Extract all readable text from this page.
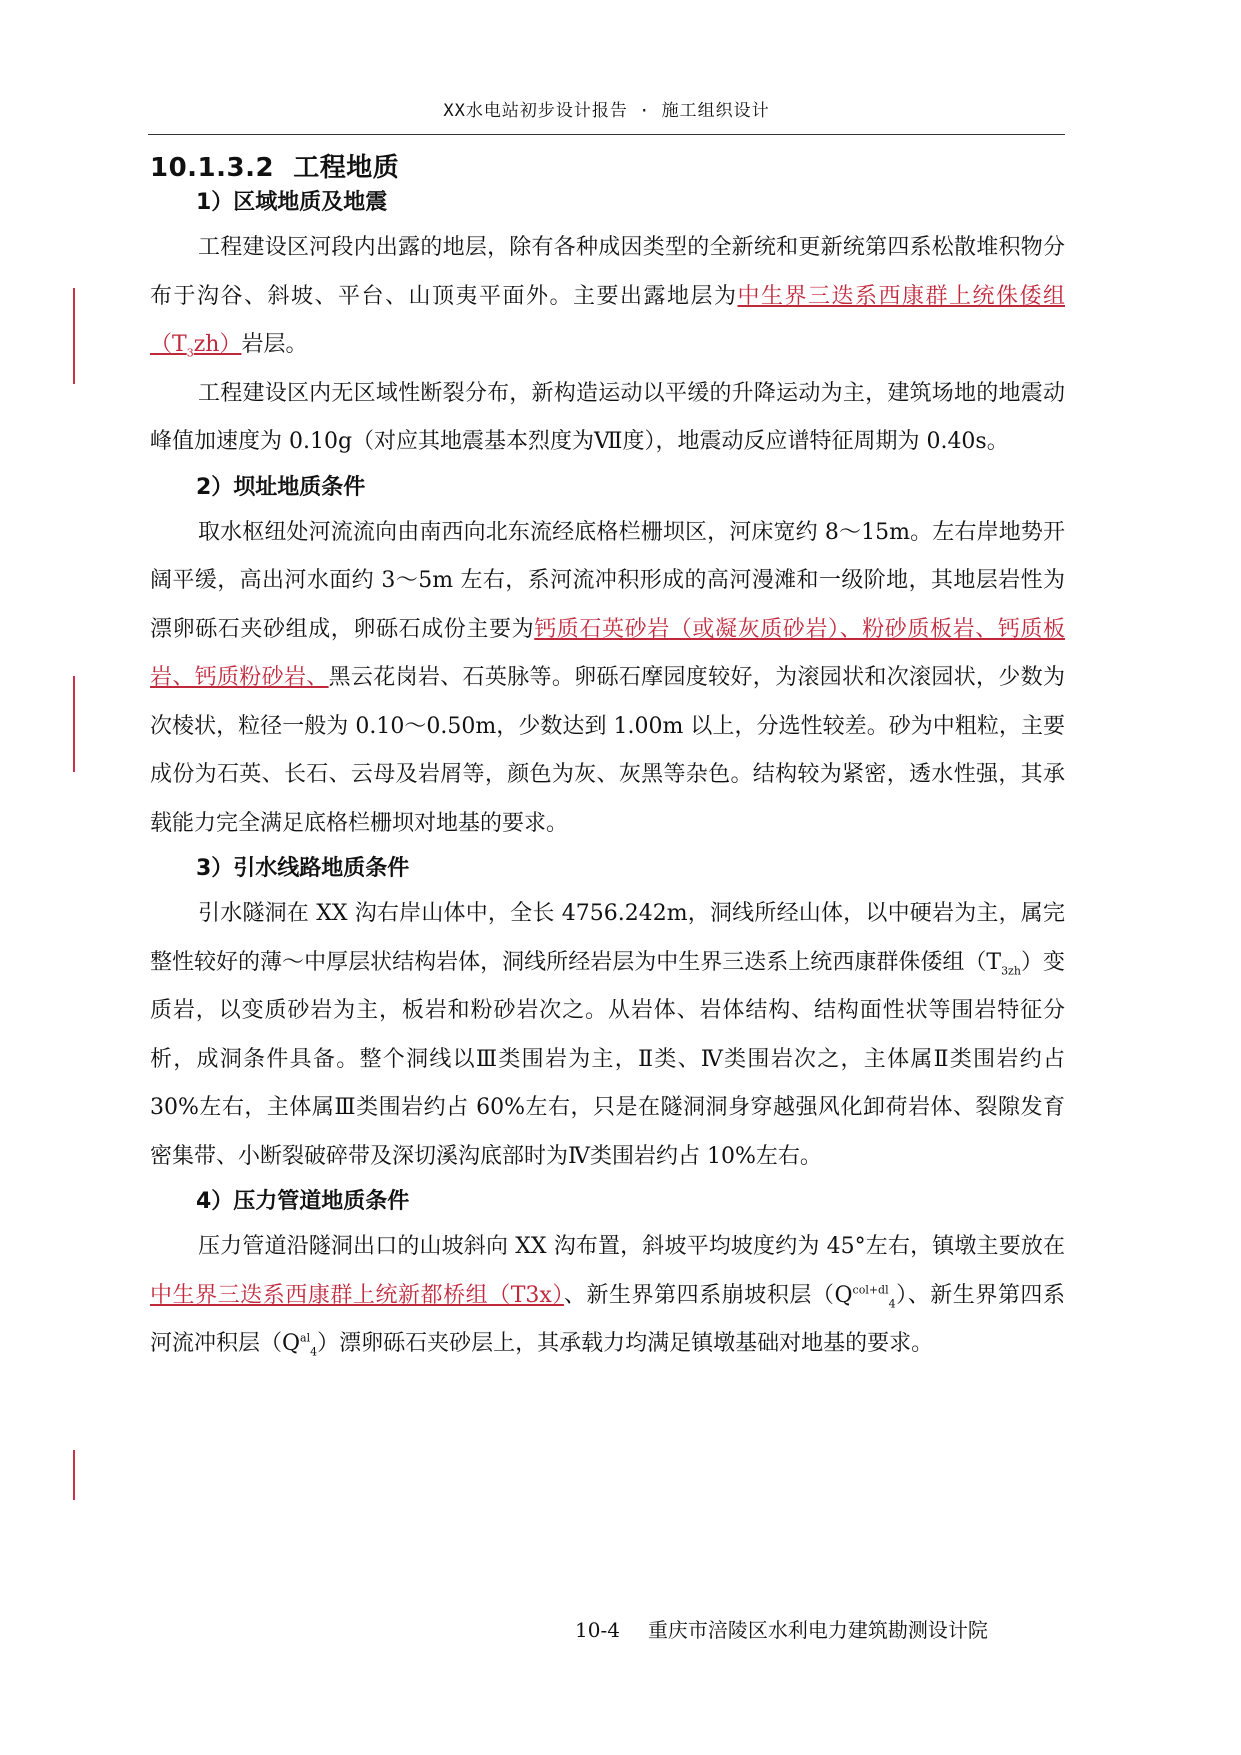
XX水电站初步设计报告 · 施工组织设计
10.1.3.2 工程地质
1）区域地质及地震

工程建设区河段内出露的地层，除有各种成因类型的全新统和更新统第四系松散堆积物分布于沟谷、斜坡、平台、山顶夷平面外。主要出露地层为中生界三迭系西康群上统侏倭组$(T_3zh)$岩层。

工程建设区内无区域性断裂分布，新构造运动以平缓的升降运动为主，建筑场地的地震动峰值加速度为 0.10g（对应其地震基本烈度为Ⅶ度），地震动反应谱特征周期为 0.40s。

2）坝址地质条件

取水枢纽处河流流向由南西向北东流经底格栏栅坝区，河床宽约 8～15m。左右岸地势开阔平缓，高出河水面约 3～5m 左右，系河流冲积形成的高河漫滩和一级阶地，其地层岩性为漂卵砾石夹砂组成，卵砾石成份主要为钙质石英砂岩（或凝灰质砂岩）、粉砂质板岩、钙质板岩、钙质粉砂岩、黑云花岗岩、石英脉等。卵砾石摩园度较好，为滚园状和次滚园状，少数为次棱状，粒径一般为 0.10～0.50m，少数达到 1.00m 以上，分选性较差。砂为中粗粒，主要成份为石英、长石、云母及岩屑等，颜色为灰、灰黑等杂色。结构较为紧密，透水性强，其承载能力完全满足底格栏栅坝对地基的要求。

3）引水线路地质条件

引水隧洞在 XX 沟右岸山体中，全长 4756.242m，洞线所经山体，以中硬岩为主，属完整性较好的薄～中厚层状结构岩体，洞线所经岩层为中生界三迭系上统西康群侏倭组$(T_{3zh})$变质岩，以变质砂岩为主，板岩和粉砂岩次之。从岩体、岩体结构、结构面性状等围岩特征分析，成洞条件具备。整个洞线以Ⅲ类围岩为主，Ⅱ类、Ⅳ类围岩次之，主体属Ⅱ类围岩约占 30%左右，主体属Ⅲ类围岩约占 60%左右，只是在隧洞洞身穿越强风化卸荷岩体、裂隙发育密集带、小断裂破碎带及深切溪沟底部时为Ⅳ类围岩约占 10%左右。

4）压力管道地质条件

压力管道沿隧洞出口的山坡斜向 XX 沟布置，斜坡平均坡度约为 45°左右，镇墩主要放在中生界三迭系西康群上统新都桥组（T3x）、新生界第四系崩坡积层$(Q^{col+dl}_4)$、新生界第四系河流冲积层$(Q^{al}_4)$漂卵砾石夹砂层上，其承载力均满足镇墩基础对地基的要求。

10-4 重庆市涪陵区水利电力建筑勘测设计院
